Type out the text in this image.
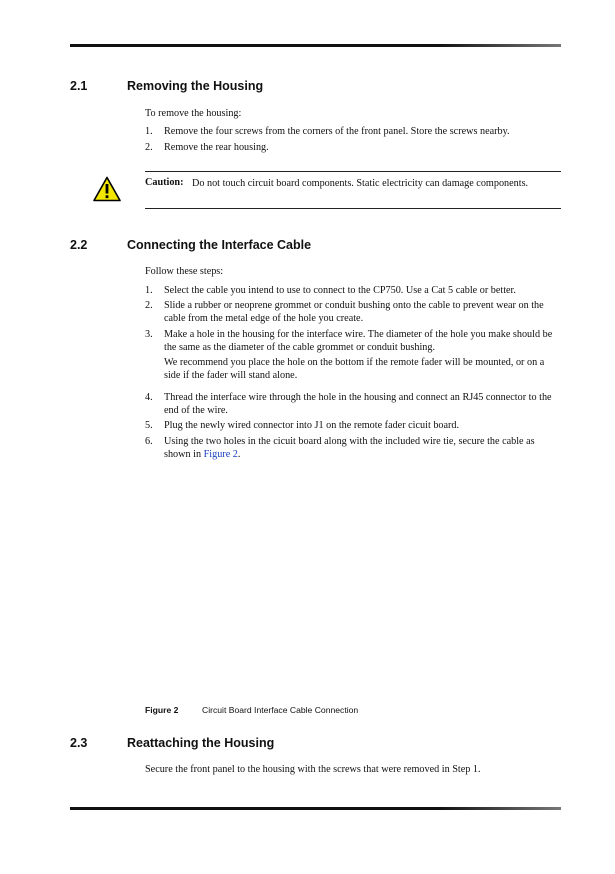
2.1	Removing the Housing
To remove the housing:
1. Remove the four screws from the corners of the front panel. Store the screws nearby.
2. Remove the rear housing.
Caution: Do not touch circuit board components. Static electricity can damage components.
2.2	Connecting the Interface Cable
Follow these steps:
1. Select the cable you intend to use to connect to the CP750. Use a Cat 5 cable or better.
2. Slide a rubber or neoprene grommet or conduit bushing onto the cable to prevent wear on the cable from the metal edge of the hole you create.
3. Make a hole in the housing for the interface wire. The diameter of the hole you make should be the same as the diameter of the cable grommet or conduit bushing.
We recommend you place the hole on the bottom if the remote fader will be mounted, or on a side if the fader will stand alone.
4. Thread the interface wire through the hole in the housing and connect an RJ45 connector to the end of the wire.
5. Plug the newly wired connector into J1 on the remote fader cicuit board.
6. Using the two holes in the cicuit board along with the included wire tie, secure the cable as shown in Figure 2.
Figure 2	Circuit Board Interface Cable Connection
2.3	Reattaching the Housing
Secure the front panel to the housing with the screws that were removed in Step 1.
